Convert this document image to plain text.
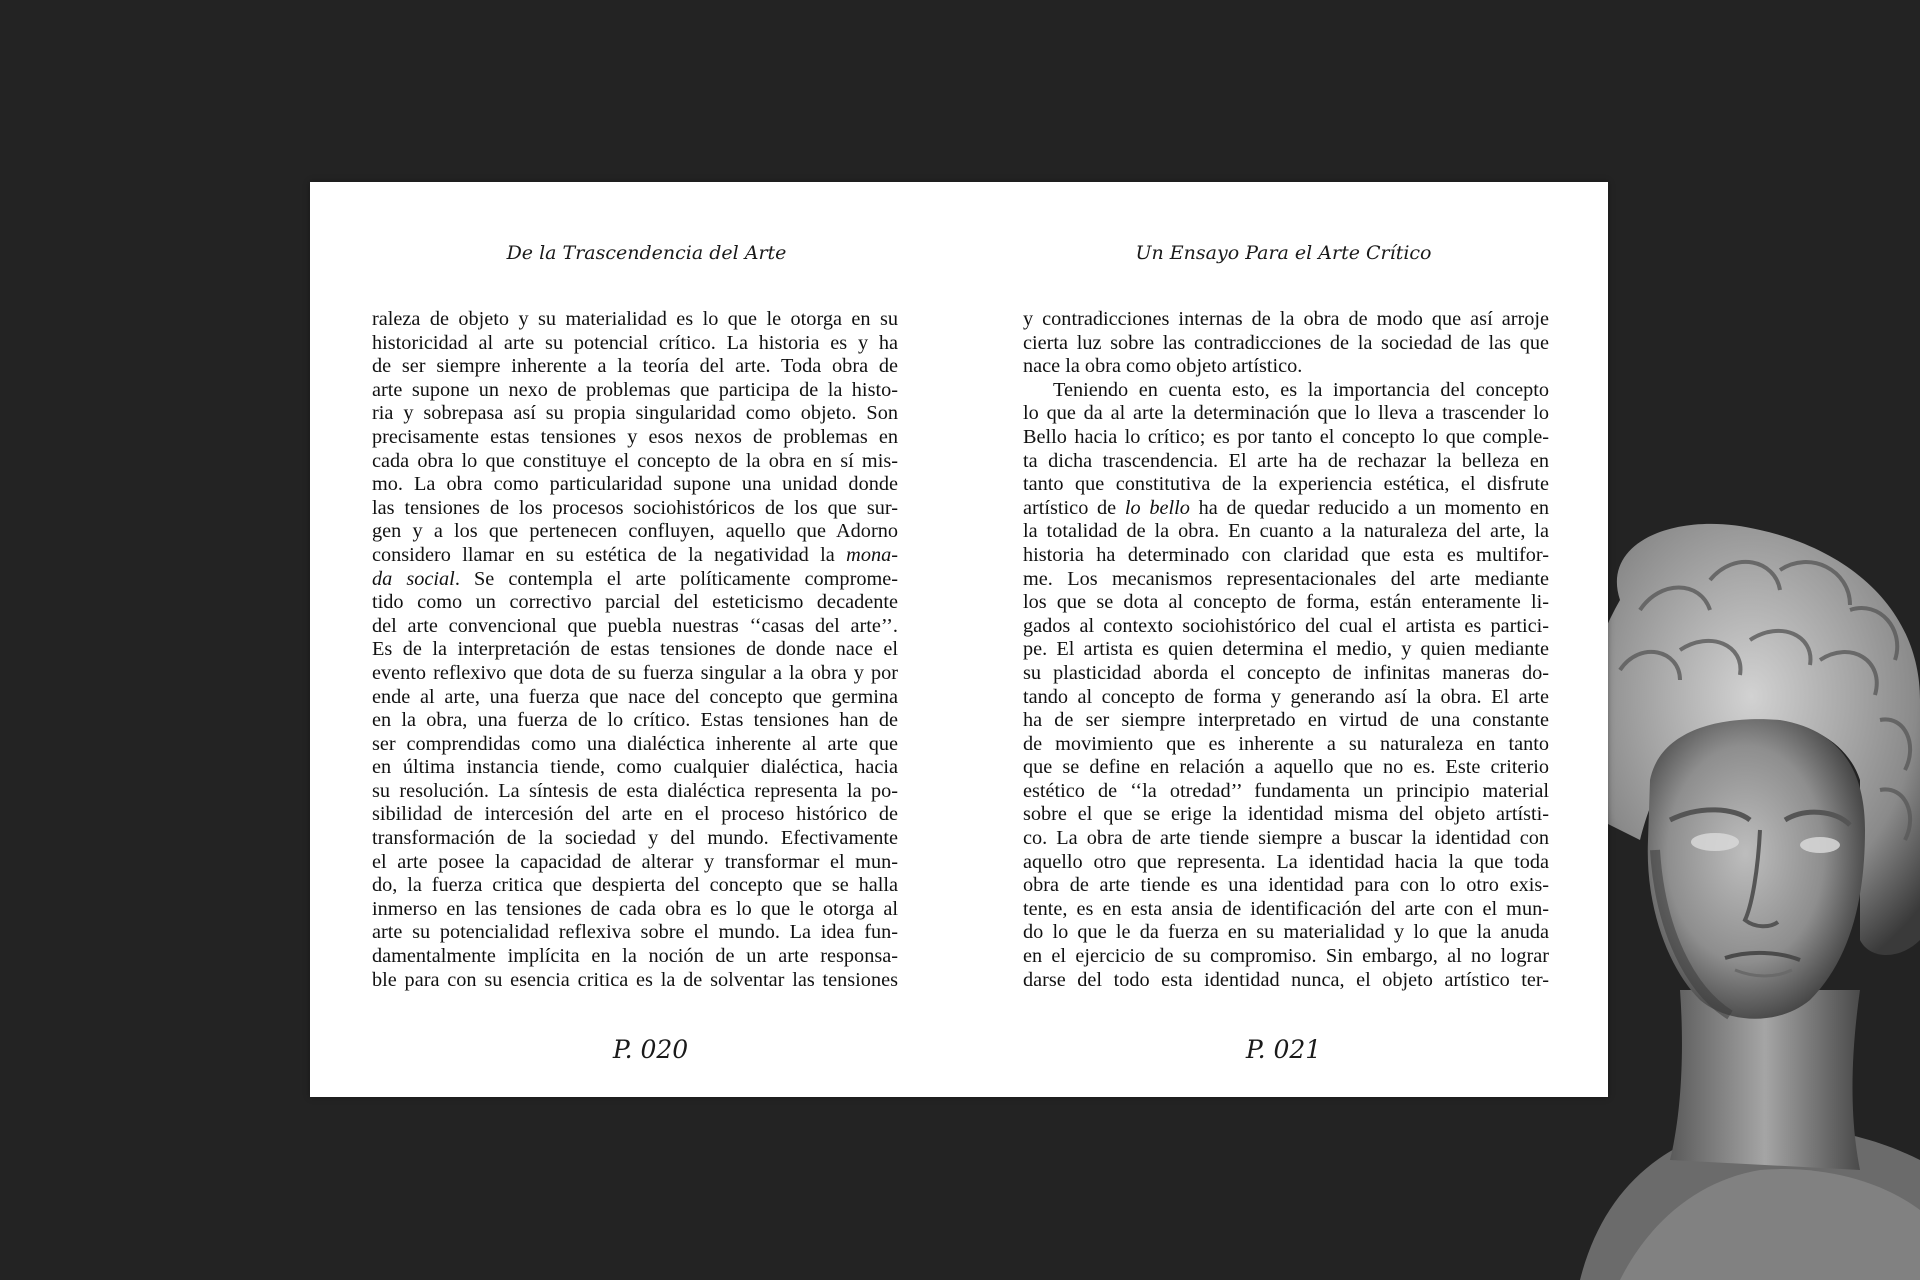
De la Trascendencia del Arte
raleza de objeto y su materialidad es lo que le otorga en su
historicidad al arte su potencial crítico. La historia es y ha
de ser siempre inherente a la teoría del arte. Toda obra de
arte supone un nexo de problemas que participa de la histo-
ria y sobrepasa así su propia singularidad como objeto. Son
precisamente estas tensiones y esos nexos de problemas en
cada obra lo que constituye el concepto de la obra en sí mis-
mo. La obra como particularidad supone una unidad donde
las tensiones de los procesos sociohistóricos de los que sur-
gen y a los que pertenecen confluyen, aquello que Adorno
considero llamar en su estética de la negatividad la mona-
da social. Se contempla el arte políticamente comprome-
tido como un correctivo parcial del esteticismo decadente
del arte convencional que puebla nuestras ‘‘casas del arte’’.
Es de la interpretación de estas tensiones de donde nace el
evento reflexivo que dota de su fuerza singular a la obra y por
ende al arte, una fuerza que nace del concepto que germina
en la obra, una fuerza de lo crítico. Estas tensiones han de
ser comprendidas como una dialéctica inherente al arte que
en última instancia tiende, como cualquier dialéctica, hacia
su resolución. La síntesis de esta dialéctica representa la po-
sibilidad de intercesión del arte en el proceso histórico de
transformación de la sociedad y del mundo. Efectivamente
el arte posee la capacidad de alterar y transformar el mun-
do, la fuerza critica que despierta del concepto que se halla
inmerso en las tensiones de cada obra es lo que le otorga al
arte su potencialidad reflexiva sobre el mundo. La idea fun-
damentalmente implícita en la noción de un arte responsa-
ble para con su esencia critica es la de solventar las tensiones
P. 020
Un Ensayo Para el Arte Crítico
y contradicciones internas de la obra de modo que así arroje
cierta luz sobre las contradicciones de la sociedad de las que
nace la obra como objeto artístico.
Teniendo en cuenta esto, es la importancia del concepto
lo que da al arte la determinación que lo lleva a trascender lo
Bello hacia lo crítico; es por tanto el concepto lo que comple-
ta dicha trascendencia. El arte ha de rechazar la belleza en
tanto que constitutiva de la experiencia estética, el disfrute
artístico de lo bello ha de quedar reducido a un momento en
la totalidad de la obra. En cuanto a la naturaleza del arte, la
historia ha determinado con claridad que esta es multifor-
me. Los mecanismos representacionales del arte mediante
los que se dota al concepto de forma, están enteramente li-
gados al contexto sociohistórico del cual el artista es partici-
pe. El artista es quien determina el medio, y quien mediante
su plasticidad aborda el concepto de infinitas maneras do-
tando al concepto de forma y generando así la obra. El arte
ha de ser siempre interpretado en virtud de una constante
de movimiento que es inherente a su naturaleza en tanto
que se define en relación a aquello que no es. Este criterio
estético de ‘‘la otredad’’ fundamenta un principio material
sobre el que se erige la identidad misma del objeto artísti-
co. La obra de arte tiende siempre a buscar la identidad con
aquello otro que representa. La identidad hacia la que toda
obra de arte tiende es una identidad para con lo otro exis-
tente, es en esta ansia de identificación del arte con el mun-
do lo que le da fuerza en su materialidad y lo que la anuda
en el ejercicio de su compromiso. Sin embargo, al no lograr
darse del todo esta identidad nunca, el objeto artístico ter-
P. 021
